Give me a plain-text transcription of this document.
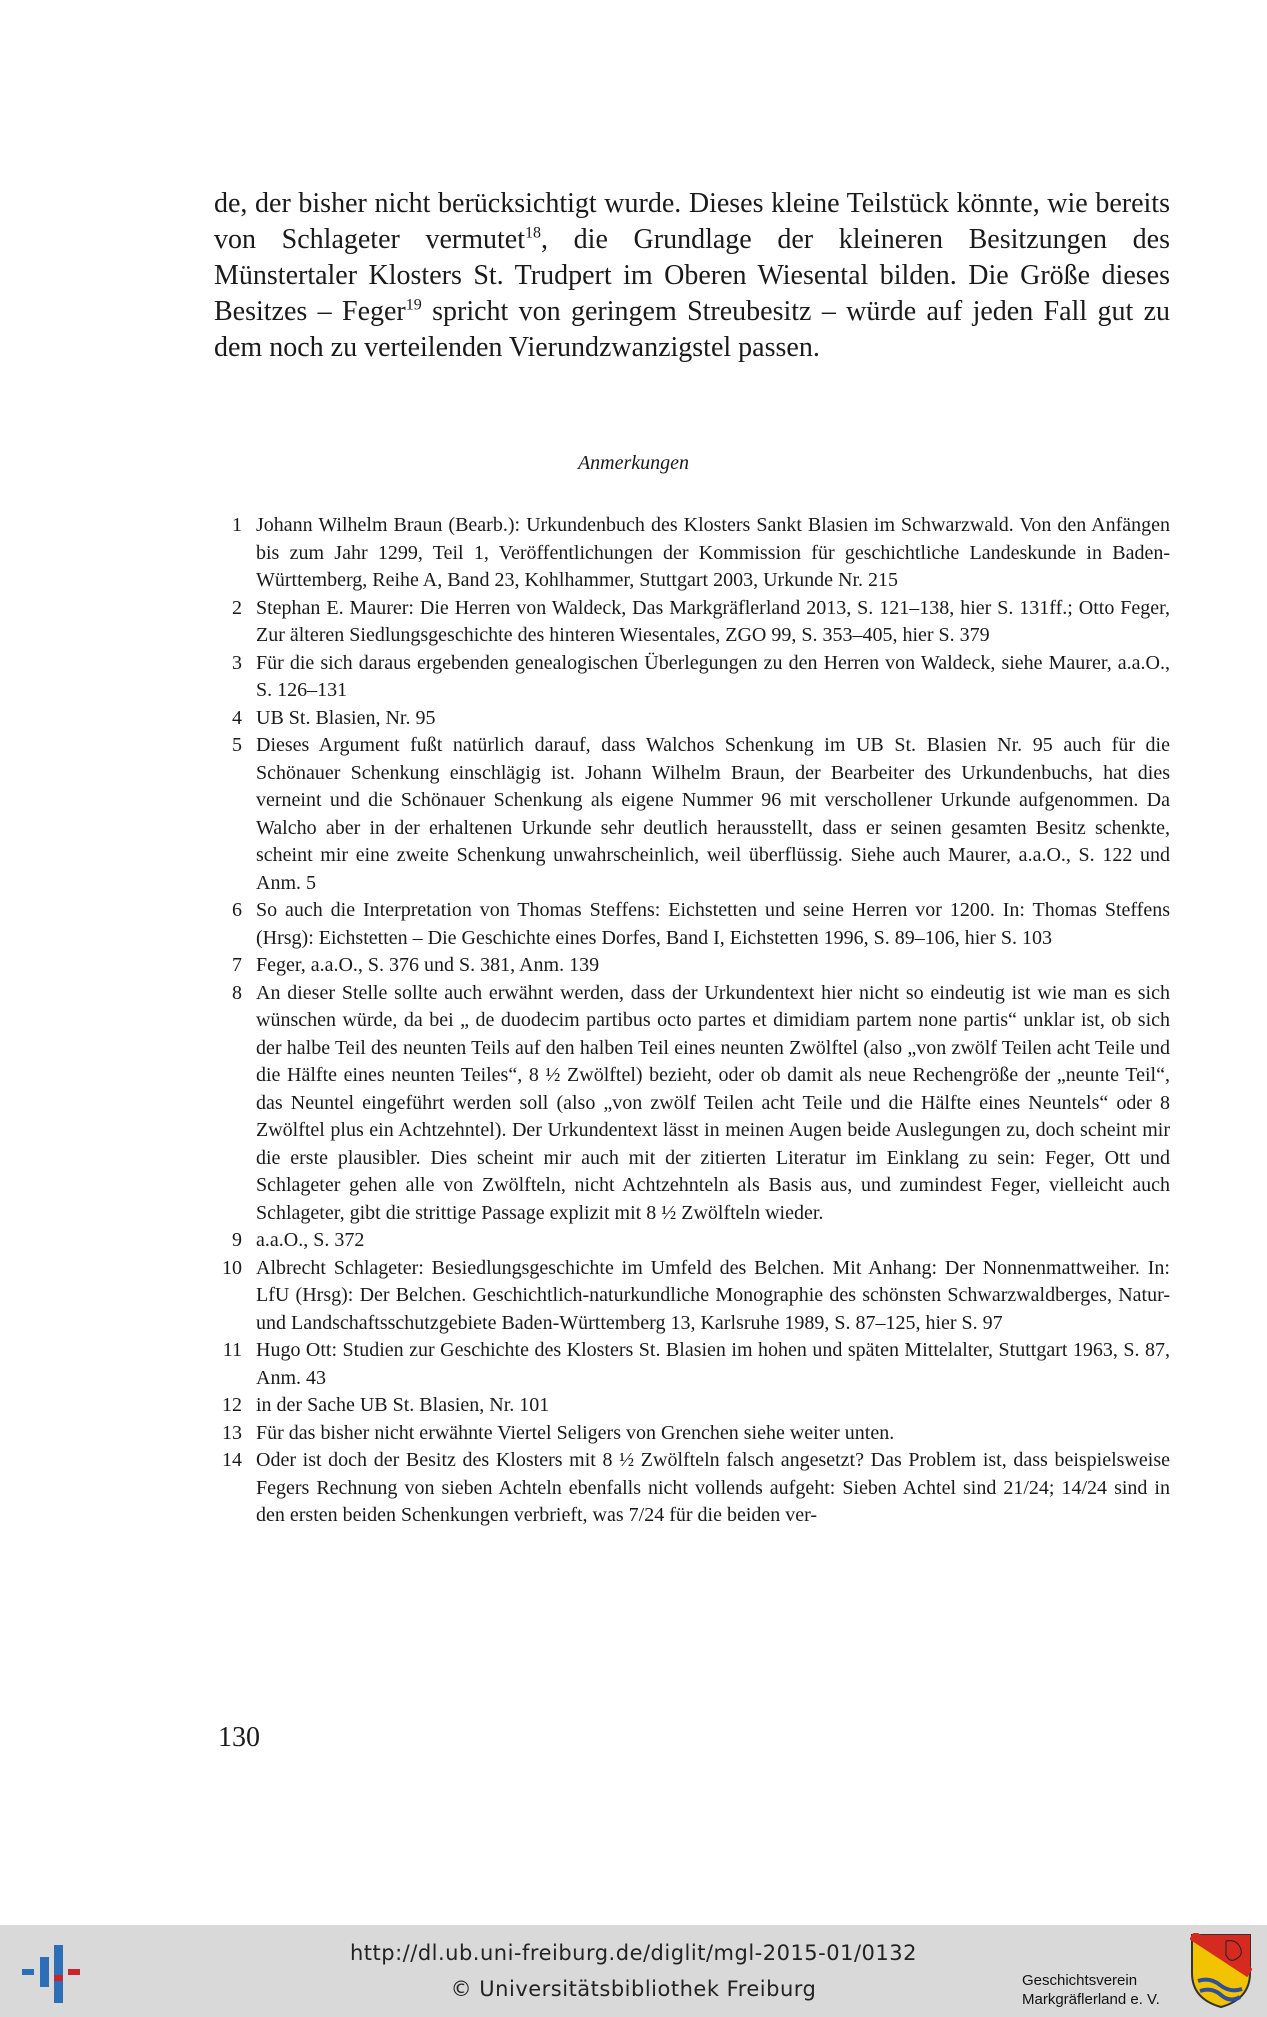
de, der bisher nicht berücksichtigt wurde. Dieses kleine Teilstück könnte, wie bereits von Schlageter vermutet$^{18}$, die Grundlage der kleineren Besitzungen des Münstertaler Klosters St. Trudpert im Oberen Wiesental bilden. Die Größe dieses Besitzes – Feger$^{19}$ spricht von geringem Streubesitz – würde auf jeden Fall gut zu dem noch zu verteilenden Vierundzwanzigstel passen.

Anmerkungen
1 Johann Wilhelm Braun (Bearb.): Urkundenbuch des Klosters Sankt Blasien im Schwarzwald. Von den Anfängen bis zum Jahr 1299, Teil 1, Veröffentlichungen der Kommission für geschichtliche Landeskunde in Baden-Württemberg, Reihe A, Band 23, Kohlhammer, Stuttgart 2003, Urkunde Nr. 215
2 Stephan E. Maurer: Die Herren von Waldeck, Das Markgräflerland 2013, S. 121–138, hier S. 131ff.; Otto Feger, Zur älteren Siedlungsgeschichte des hinteren Wiesentales, ZGO 99, S. 353–405, hier S. 379
3 Für die sich daraus ergebenden genealogischen Überlegungen zu den Herren von Waldeck, siehe Maurer, a.a.O., S. 126–131
4 UB St. Blasien, Nr. 95
5 Dieses Argument fußt natürlich darauf, dass Walchos Schenkung im UB St. Blasien Nr. 95 auch für die Schönauer Schenkung einschlägig ist. Johann Wilhelm Braun, der Bearbeiter des Urkundenbuchs, hat dies verneint und die Schönauer Schenkung als eigene Nummer 96 mit verschollener Urkunde aufgenommen. Da Walcho aber in der erhaltenen Urkunde sehr deutlich herausstellt, dass er seinen gesamten Besitz schenkte, scheint mir eine zweite Schenkung unwahrscheinlich, weil überflüssig. Siehe auch Maurer, a.a.O., S. 122 und Anm. 5
6 So auch die Interpretation von Thomas Steffens: Eichstetten und seine Herren vor 1200. In: Thomas Steffens (Hrsg): Eichstetten – Die Geschichte eines Dorfes, Band I, Eichstetten 1996, S. 89–106, hier S. 103
7 Feger, a.a.O., S. 376 und S. 381, Anm. 139
8 An dieser Stelle sollte auch erwähnt werden, dass der Urkundentext hier nicht so eindeutig ist wie man es sich wünschen würde, da bei „ de duodecim partibus octo partes et dimidiam partem none partis“ unklar ist, ob sich der halbe Teil des neunten Teils auf den halben Teil eines neunten Zwölftel (also „von zwölf Teilen acht Teile und die Hälfte eines neunten Teiles“, 8 ½ Zwölftel) bezieht, oder ob damit als neue Rechengröße der „neunte Teil“, das Neuntel eingeführt werden soll (also „von zwölf Teilen acht Teile und die Hälfte eines Neuntels“ oder 8 Zwölftel plus ein Achtzehntel). Der Urkundentext lässt in meinen Augen beide Auslegungen zu, doch scheint mir die erste plausibler. Dies scheint mir auch mit der zitierten Literatur im Einklang zu sein: Feger, Ott und Schlageter gehen alle von Zwölfteln, nicht Achtzehnteln als Basis aus, und zumindest Feger, vielleicht auch Schlageter, gibt die strittige Passage explizit mit 8 ½ Zwölfteln wieder.
9 a.a.O., S. 372
10 Albrecht Schlageter: Besiedlungsgeschichte im Umfeld des Belchen. Mit Anhang: Der Nonnenmattweiher. In: LfU (Hrsg): Der Belchen. Geschichtlich-naturkundliche Monographie des schönsten Schwarzwaldberges, Natur- und Landschaftsschutzgebiete Baden-Württemberg 13, Karlsruhe 1989, S. 87–125, hier S. 97
11 Hugo Ott: Studien zur Geschichte des Klosters St. Blasien im hohen und späten Mittelalter, Stuttgart 1963, S. 87, Anm. 43
12 in der Sache UB St. Blasien, Nr. 101
13 Für das bisher nicht erwähnte Viertel Seligers von Grenchen siehe weiter unten.
14 Oder ist doch der Besitz des Klosters mit 8 ½ Zwölfteln falsch angesetzt? Das Problem ist, dass beispielsweise Fegers Rechnung von sieben Achteln ebenfalls nicht vollends aufgeht: Sieben Achtel sind 21/24; 14/24 sind in den ersten beiden Schenkungen verbrieft, was 7/24 für die beiden ver-
130
http://dl.ub.uni-freiburg.de/diglit/mgl-2015-01/0132
© Universitätsbibliothek Freiburg	Geschichtsverein
Markgräflerland e. V.
